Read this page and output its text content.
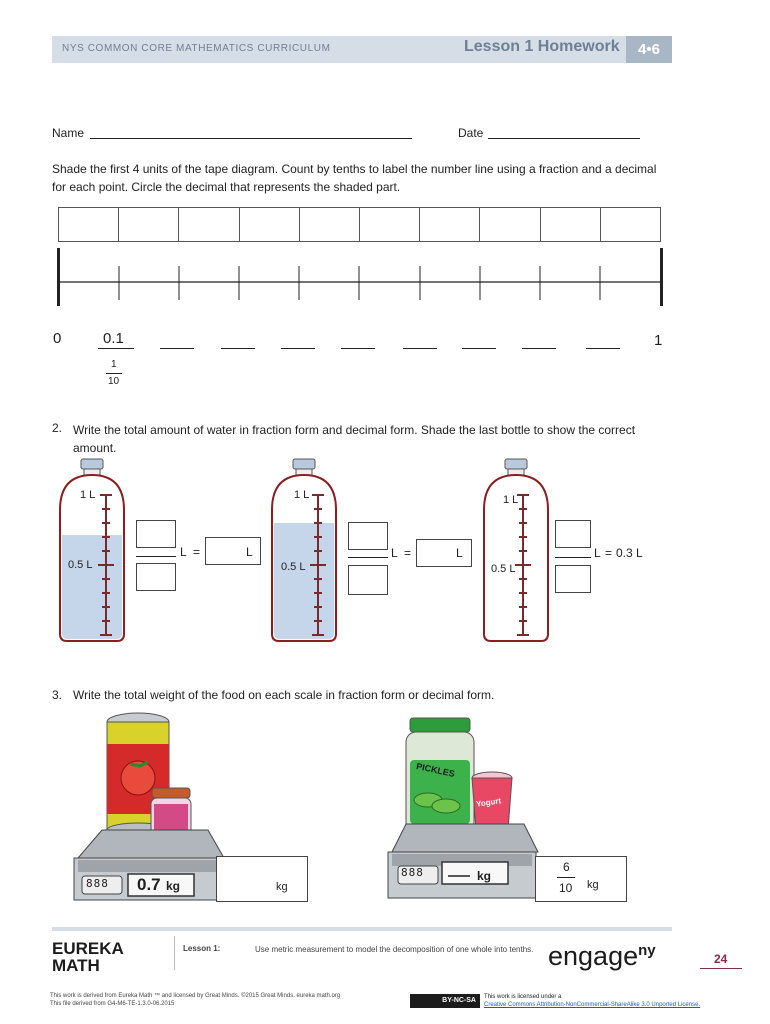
NYS COMMON CORE MATHEMATICS CURRICULUM	Lesson 1 Homework	4•6
Name	Date
Shade the first 4 units of the tape diagram. Count by tenths to label the number line using a fraction and a decimal for each point. Circle the decimal that represents the shaded part.
0	1
0.1
1
10
2. Write the total amount of water in fraction form and decimal form. Shade the last bottle to show the correct amount.
1 L
0.5 L
L =	L
1 L
0.5 L
L =	L
1 L
0.5 L
L = 0.3 L
3. Write the total weight of the food on each scale in fraction form or decimal form.
888 0.7 kg	kg
PICKLES
Yogurt
888	kg
6
10 kg
EUREKA
MATH
Lesson 1:	Use metric measurement to model the decomposition of one whole into tenths. engage$^{ny}$	24
This work is derived from Eureka Math ™ and licensed by Great Minds. ©2015 Great Minds. eureka math.org
This file derived from G4-M6-TE-1.3.0-06.2015	BY-NC-SA	This work is licensed under a
Creative Commons Attribution-NonCommercial-ShareAlike 3.0 Unported License.
